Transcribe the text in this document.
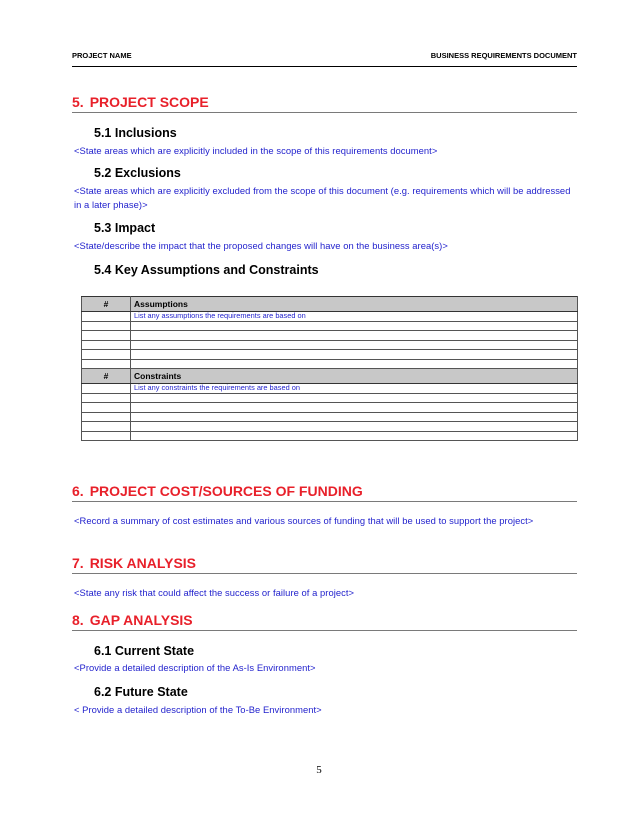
PROJECT NAME	BUSINESS REQUIREMENTS DOCUMENT
5. PROJECT SCOPE
5.1 Inclusions
<State areas which are explicitly included in the scope of this requirements document>
5.2 Exclusions
<State areas which are explicitly excluded from the scope of this document (e.g. requirements which will be addressed in a later phase)>
5.3 Impact
<State/describe the impact that the proposed changes will have on the business area(s)>
5.4 Key Assumptions and Constraints
#	Assumptions
	List any assumptions the requirements are based on

#	Constraints
	List any constraints the requirements are based on

6. PROJECT COST/SOURCES OF FUNDING
<Record a summary of cost estimates and various sources of funding that will be used to support the project>
7. RISK ANALYSIS
<State any risk that could affect the success or failure of a project>
8. GAP ANALYSIS
6.1 Current State
<Provide a detailed description of the As-Is Environment>
6.2 Future State
< Provide a detailed description of the To-Be Environment>
5
